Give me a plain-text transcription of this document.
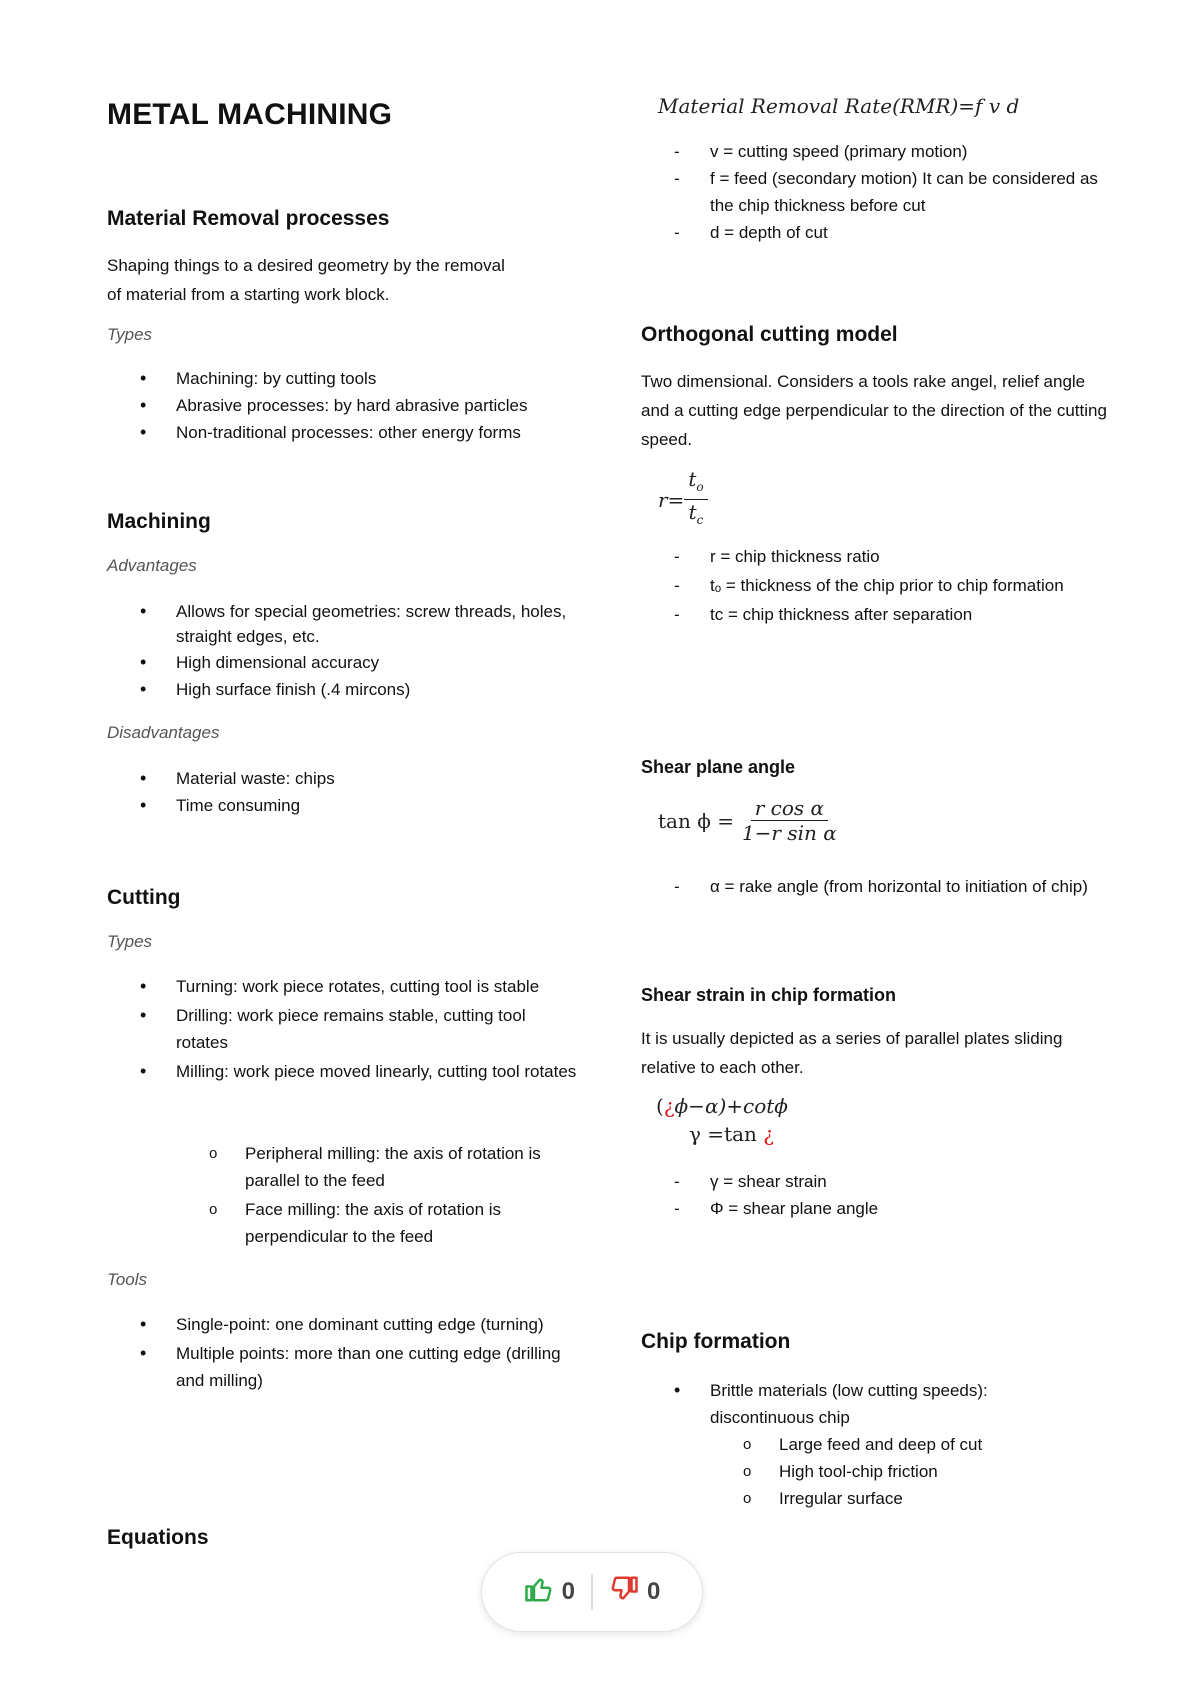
METAL MACHINING
Material Removal processes

Shaping things to a desired geometry by the removal
of material from a starting work block.

Types
• Machining: by cutting tools
• Abrasive processes: by hard abrasive particles
• Non-traditional processes: other energy forms
Machining
Advantages
• Allows for special geometries: screw threads, holes, straight edges, etc.
• High dimensional accuracy
• High surface finish (.4 mircons)
Disadvantages
• Material waste: chips
• Time consuming
Cutting
Types
• Turning: work piece rotates, cutting tool is stable
• Drilling: work piece remains stable, cutting tool rotates
• Milling: work piece moved linearly, cutting tool rotates
o Peripheral milling: the axis of rotation is parallel to the feed
o Face milling: the axis of rotation is perpendicular to the feed
Tools
• Single-point: one dominant cutting edge (turning)
• Multiple points: more than one cutting edge (drilling and milling)
Equations
Material Removal Rate(RMR)=f v d
- v = cutting speed (primary motion)
- f = feed (secondary motion) It can be considered as the chip thickness before cut
- d = depth of cut
Orthogonal cutting model

Two dimensional. Considers a tools rake angel, relief angle and a cutting edge perpendicular to the direction of the cutting speed.

$r= \frac{t_o}{t_c}$
- r = chip thickness ratio
- tₒ = thickness of the chip prior to chip formation
- tᴄ = chip thickness after separation
Shear plane angle
$\tan \phi = \frac{\text{r cos α}}{\text{1−r sin α}}$
- α = rake angle (from horizontal to initiation of chip)
Shear strain in chip formation

It is usually depicted as a series of parallel plates sliding relative to each other.

(¿ϕ−α)+cotϕ
γ =tan ¿
- γ = shear strain
- Φ = shear plane angle
Chip formation
• Brittle materials (low cutting speeds): discontinuous chip
o Large feed and deep of cut
o High tool-chip friction
o Irregular surface
0	0
